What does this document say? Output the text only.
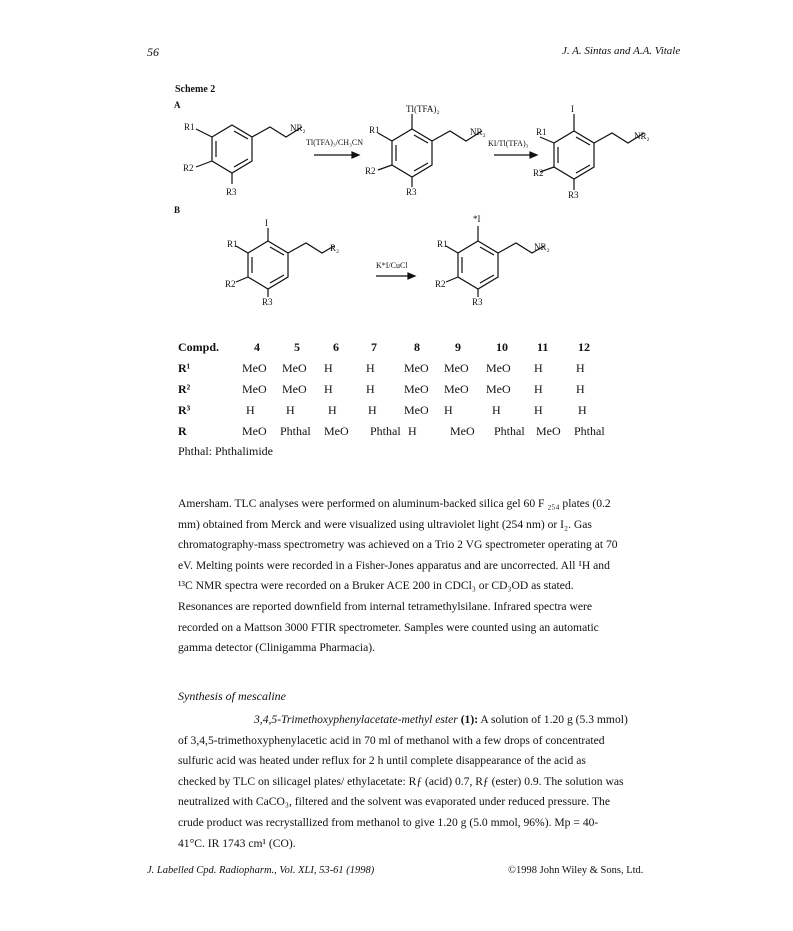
56	J. A. Sintas and A.A. Vitale
Scheme 2
A
B
R1
R2
R3
NR₂
Tl(TFA)₃/CH₃CN
Tl(TFA)₂
R1
R2
R3
NR₂
KI/Tl(TFA)₃
I
R1
R2
R3
NR₂
I
R1
R2
R3
R₂
K*I/CuCl
*I
R1
R2
R3
NR₂
Compd.	4	5	6	7	8	9	10 11 12
R¹	MeO MeO H	H MeO MeO MeO H	H
R²	MeO MeO H	H MeO MeO MeO H	H
R³	H	H	H	H MeO H	H	H	H
R	MeO Phthal MeO Phthal H	MeO Phthal MeO Phthal
Phthal: Phthalimide
Amersham. TLC analyses were performed on aluminum-backed silica gel 60 F ₂₅₄ plates (0.2
mm) obtained from Merck and were visualized using ultraviolet light (254 nm) or I₂. Gas
chromatography-mass spectrometry was achieved on a Trio 2 VG spectrometer operating at 70
eV. Melting points were recorded in a Fisher-Jones apparatus and are uncorrected. All ¹H and
¹³C NMR spectra were recorded on a Bruker ACE 200 in CDCl₃ or CD₃OD as stated.
Resonances are reported downfield from internal tetramethylsilane. Infrared spectra were
recorded on a Mattson 3000 FTIR spectrometer. Samples were counted using an automatic
gamma detector (Clinigamma Pharmacia).
Synthesis of mescaline
3,4,5-Trimethoxyphenylacetate-methyl ester (1): A solution of 1.20 g (5.3 mmol)
of 3,4,5-trimethoxyphenylacetic acid in 70 ml of methanol with a few drops of concentrated
sulfuric acid was heated under reflux for 2 h until complete disappearance of the acid as
checked by TLC on silicagel plates/ ethylacetate: Rƒ (acid) 0.7, Rƒ (ester) 0.9. The solution was
neutralized with CaCO₃, filtered and the solvent was evaporated under reduced pressure. The
crude product was recrystallized from methanol to give 1.20 g (5.0 mmol, 96%). Mp = 40-
41°C. IR 1743 cm¹ (CO).
J. Labelled Cpd. Radiopharm., Vol. XLI, 53-61 (1998)	©1998 John Wiley & Sons, Ltd.
